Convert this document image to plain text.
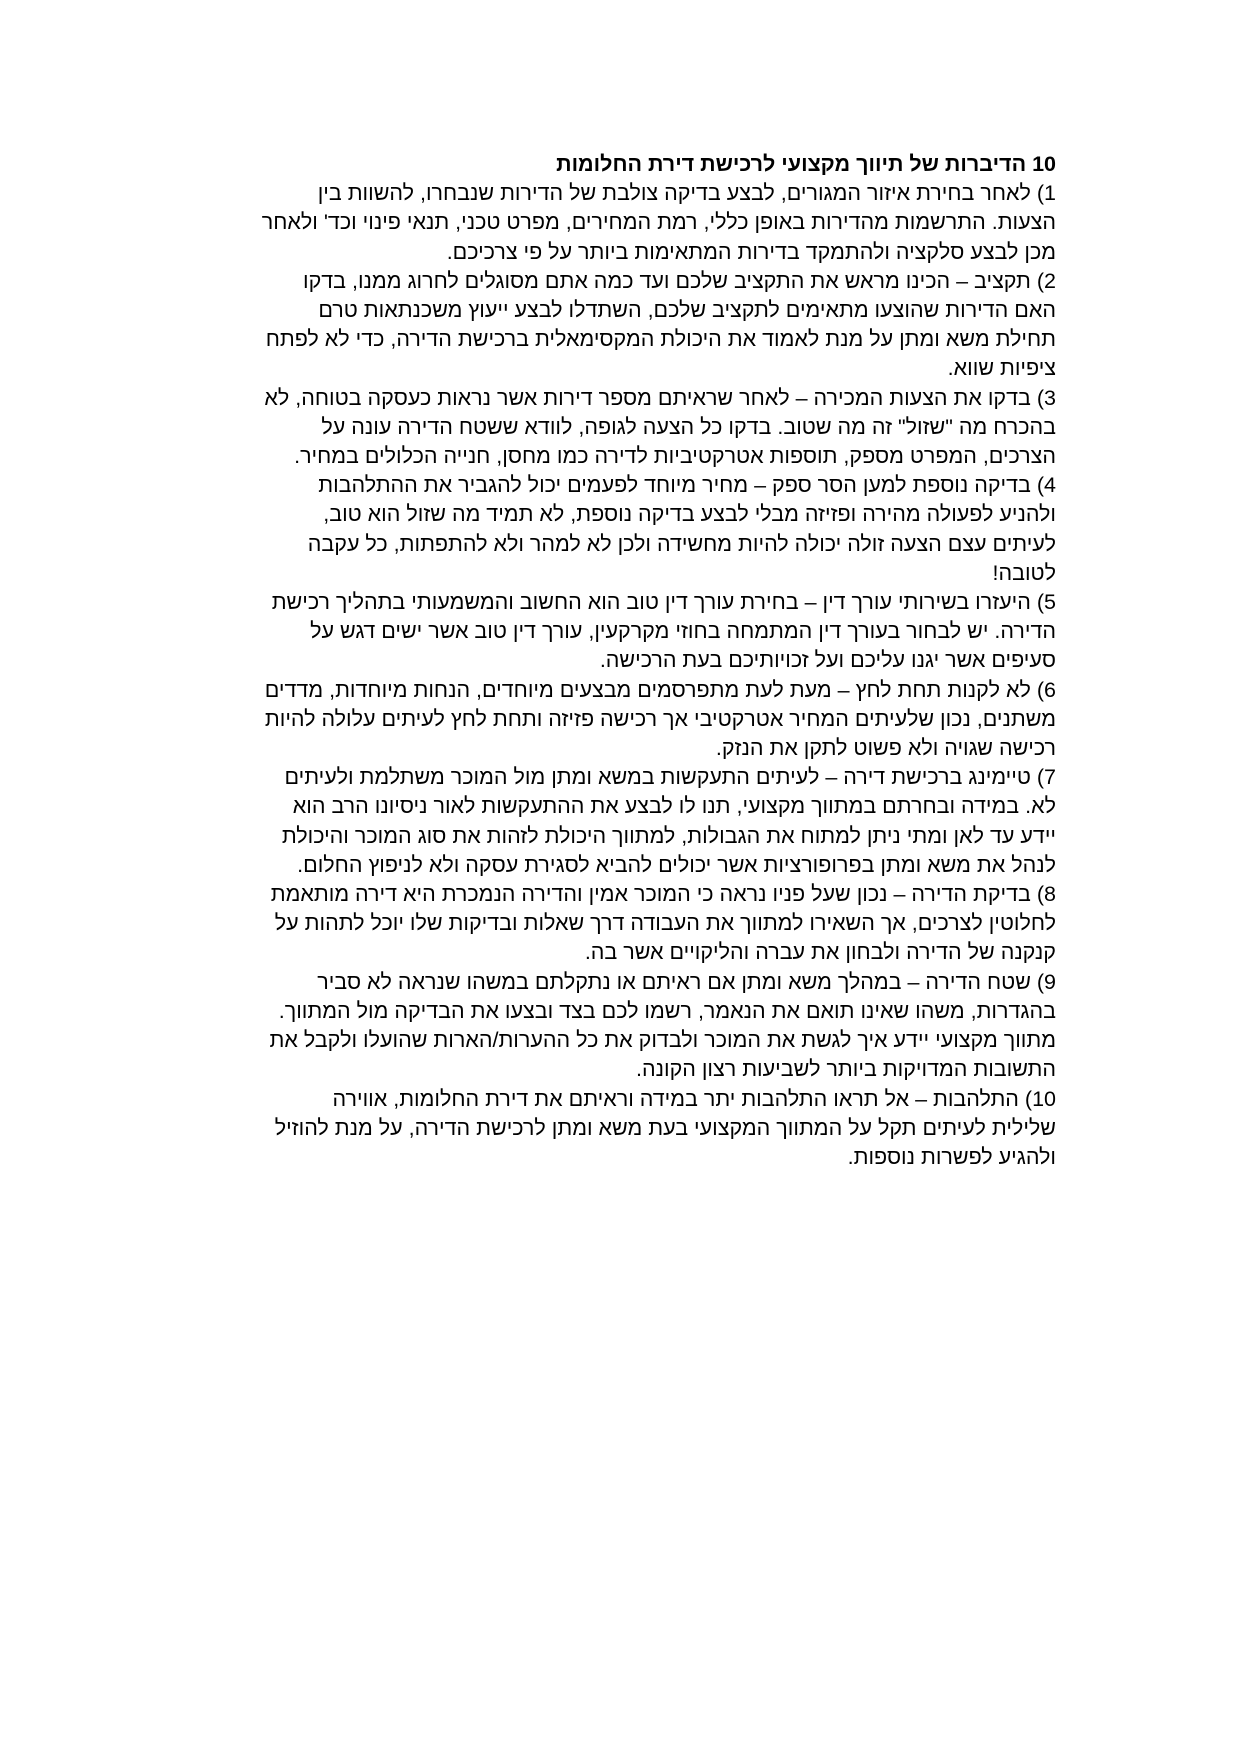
10 הדיברות של תיווך מקצועי לרכישת דירת החלומות
1) לאחר בחירת איזור המגורים, לבצע בדיקה צולבת של הדירות שנבחרו, להשוות בין
הצעות. התרשמות מהדירות באופן כללי, רמת המחירים, מפרט טכני, תנאי פינוי וכד' ולאחר
מכן לבצע סלקציה ולהתמקד בדירות המתאימות ביותר על פי צרכיכם.
2) תקציב – הכינו מראש את התקציב שלכם ועד כמה אתם מסוגלים לחרוג ממנו, בדקו
האם הדירות שהוצעו מתאימים לתקציב שלכם, השתדלו לבצע ייעוץ משכנתאות טרם
תחילת משא ומתן על מנת לאמוד את היכולת המקסימאלית ברכישת הדירה, כדי לא לפתח
ציפיות שווא.
3) בדקו את הצעות המכירה – לאחר שראיתם מספר דירות אשר נראות כעסקה בטוחה, לא
בהכרח מה "שזול" זה מה שטוב. בדקו כל הצעה לגופה, לוודא ששטח הדירה עונה על
הצרכים, המפרט מספק, תוספות אטרקטיביות לדירה כמו מחסן, חנייה הכלולים במחיר.
4) בדיקה נוספת למען הסר ספק – מחיר מיוחד לפעמים יכול להגביר את ההתלהבות
ולהניע לפעולה מהירה ופזיזה מבלי לבצע בדיקה נוספת, לא תמיד מה שזול הוא טוב,
לעיתים עצם הצעה זולה יכולה להיות מחשידה ולכן לא למהר ולא להתפתות, כל עקבה
לטובה!
5) היעזרו בשירותי עורך דין – בחירת עורך דין טוב הוא החשוב והמשמעותי בתהליך רכישת
הדירה. יש לבחור בעורך דין המתמחה בחוזי מקרקעין, עורך דין טוב אשר ישים דגש על
סעיפים אשר יגנו עליכם ועל זכויותיכם בעת הרכישה.
6) לא לקנות תחת לחץ – מעת לעת מתפרסמים מבצעים מיוחדים, הנחות מיוחדות, מדדים
משתנים, נכון שלעיתים המחיר אטרקטיבי אך רכישה פזיזה ותחת לחץ לעיתים עלולה להיות
רכישה שגויה ולא פשוט לתקן את הנזק.
7) טיימינג ברכישת דירה – לעיתים התעקשות במשא ומתן מול המוכר משתלמת ולעיתים
לא. במידה ובחרתם במתווך מקצועי, תנו לו לבצע את ההתעקשות לאור ניסיונו הרב הוא
יידע עד לאן ומתי ניתן למתוח את הגבולות, למתווך היכולת לזהות את סוג המוכר והיכולת
לנהל את משא ומתן בפרופורציות אשר יכולים להביא לסגירת עסקה ולא לניפוץ החלום.
8) בדיקת הדירה – נכון שעל פניו נראה כי המוכר אמין והדירה הנמכרת היא דירה מותאמת
לחלוטין לצרכים, אך השאירו למתווך את העבודה דרך שאלות ובדיקות שלו יוכל לתהות על
קנקנה של הדירה ולבחון את עברה והליקויים אשר בה.
9) שטח הדירה – במהלך משא ומתן אם ראיתם או נתקלתם במשהו שנראה לא סביר
בהגדרות, משהו שאינו תואם את הנאמר, רשמו לכם בצד ובצעו את הבדיקה מול המתווך.
מתווך מקצועי יידע איך לגשת את המוכר ולבדוק את כל ההערות/הארות שהועלו ולקבל את
התשובות המדויקות ביותר לשביעות רצון הקונה.
10) התלהבות – אל תראו התלהבות יתר במידה וראיתם את דירת החלומות, אווירה
שלילית לעיתים תקל על המתווך המקצועי בעת משא ומתן לרכישת הדירה, על מנת להוזיל
ולהגיע לפשרות נוספות.
